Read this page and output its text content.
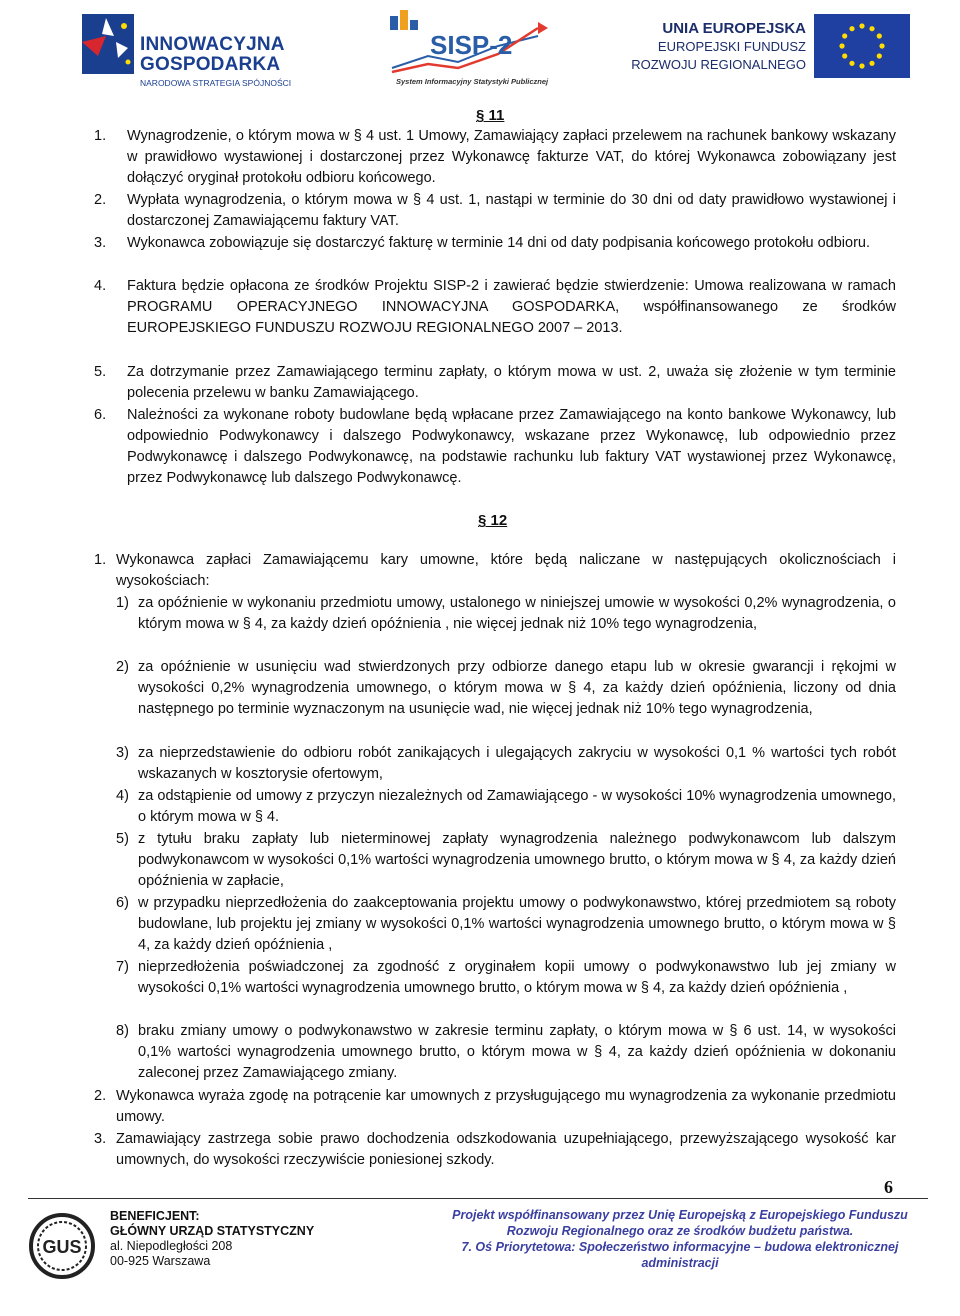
INNOWACYJNA
GOSPODARKA
NARODOWA STRATEGIA SPÓJNOŚCI
SISP-2
System Informacyjny Statystyki Publicznej
UNIA EUROPEJSKA
EUROPEJSKI FUNDUSZ
ROZWOJU REGIONALNEGO
§ 11
1. Wynagrodzenie, o którym mowa w § 4 ust. 1 Umowy, Zamawiający zapłaci przelewem na rachunek bankowy wskazany w prawidłowo wystawionej i dostarczonej przez Wykonawcę fakturze VAT, do której Wykonawca zobowiązany jest dołączyć oryginał protokołu odbioru końcowego.
2. Wypłata wynagrodzenia, o którym mowa w § 4 ust. 1, nastąpi w terminie do 30 dni od daty prawidłowo wystawionej i dostarczonej Zamawiającemu faktury VAT.
3. Wykonawca zobowiązuje się dostarczyć fakturę w terminie 14 dni od daty podpisania końcowego protokołu odbioru.
4. Faktura będzie opłacona ze środków Projektu SISP-2 i zawierać będzie stwierdzenie: Umowa realizowana w ramach PROGRAMU OPERACYJNEGO INNOWACYJNA GOSPODARKA, współfinansowanego ze środków EUROPEJSKIEGO FUNDUSZU ROZWOJU REGIONALNEGO 2007 – 2013.
5. Za dotrzymanie przez Zamawiającego terminu zapłaty, o którym mowa w ust. 2, uważa się złożenie w tym terminie polecenia przelewu w banku Zamawiającego.
6. Należności za wykonane roboty budowlane będą wpłacane przez Zamawiającego na konto bankowe Wykonawcy, lub odpowiednio Podwykonawcy i dalszego Podwykonawcy, wskazane przez Wykonawcę, lub odpowiednio przez Podwykonawcę i dalszego Podwykonawcę, na podstawie rachunku lub faktury VAT wystawionej przez Wykonawcę, przez Podwykonawcę lub dalszego Podwykonawcę.
§ 12
1. Wykonawca zapłaci Zamawiającemu kary umowne, które będą naliczane w następujących okolicznościach i wysokościach:
1) za opóźnienie w wykonaniu przedmiotu umowy, ustalonego w niniejszej umowie w wysokości 0,2% wynagrodzenia, o którym mowa w § 4, za każdy dzień opóźnienia , nie więcej jednak niż 10% tego wynagrodzenia,
2) za opóźnienie w usunięciu wad stwierdzonych przy odbiorze danego etapu lub w okresie gwarancji i rękojmi w wysokości 0,2% wynagrodzenia umownego, o którym mowa w § 4, za każdy dzień opóźnienia, liczony od dnia następnego po terminie wyznaczonym na usunięcie wad, nie więcej jednak niż 10% tego wynagrodzenia,
3) za nieprzedstawienie do odbioru robót zanikających i ulegających zakryciu w wysokości 0,1 % wartości tych robót wskazanych w kosztorysie ofertowym,
4) za odstąpienie od umowy z przyczyn niezależnych od Zamawiającego - w wysokości 10% wynagrodzenia umownego, o którym mowa w § 4.
5) z tytułu braku zapłaty lub nieterminowej zapłaty wynagrodzenia należnego podwykonawcom lub dalszym podwykonawcom w wysokości 0,1% wartości wynagrodzenia umownego brutto, o którym mowa w § 4, za każdy dzień opóźnienia w zapłacie,
6) w przypadku nieprzedłożenia do zaakceptowania projektu umowy o podwykonawstwo, której przedmiotem są roboty budowlane, lub projektu jej zmiany w wysokości 0,1% wartości wynagrodzenia umownego brutto, o którym mowa w § 4, za każdy dzień opóźnienia ,
7) nieprzedłożenia poświadczonej za zgodność z oryginałem kopii umowy o podwykonawstwo lub jej zmiany w wysokości 0,1% wartości wynagrodzenia umownego brutto, o którym mowa w § 4, za każdy dzień opóźnienia ,
8) braku zmiany umowy o podwykonawstwo w zakresie terminu zapłaty, o którym mowa w § 6 ust. 14, w wysokości 0,1% wartości wynagrodzenia umownego brutto, o którym mowa w § 4, za każdy dzień opóźnienia w dokonaniu zaleconej przez Zamawiającego zmiany.
2. Wykonawca wyraża zgodę na potrącenie kar umownych z przysługującego mu wynagrodzenia za wykonanie przedmiotu umowy.
3. Zamawiający zastrzega sobie prawo dochodzenia odszkodowania uzupełniającego, przewyższającego wysokość kar umownych, do wysokości rzeczywiście poniesionej szkody.
6
GUS
BENEFICJENT:
GŁÓWNY URZĄD STATYSTYCZNY
al. Niepodległości 208
00-925 Warszawa
Projekt współfinansowany przez Unię Europejską z Europejskiego Funduszu
Rozwoju Regionalnego oraz ze środków budżetu państwa.
7. Oś Priorytetowa: Społeczeństwo informacyjne – budowa elektronicznej
administracji
